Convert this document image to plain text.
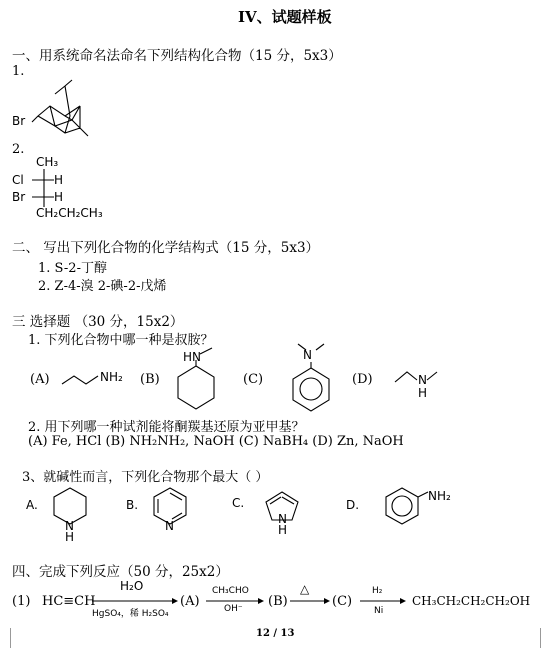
IV、试题样板
一、用系统命名法命名下列结构化合物（15 分，5x3）
1.
Br
2.
CH₃
Cl	H
Br H
CH₂CH₂CH₃
二、 写出下列化合物的化学结构式（15 分，5x3）
1. S-2-丁醇
2. Z-4-溴 2-碘-2-戊烯
三 选择题 （30 分，15x2）
1. 下列化合物中哪一种是叔胺？
(A)	NH₂ (B)
HN
(C)
N
(D)	N
H
2. 用下列哪一种试剂能将酮羰基还原为亚甲基？
(A) Fe, HCl (B) NH₂NH₂, NaOH (C) NaBH₄ (D) Zn, NaOH
3、就碱性而言，下列化合物那个最大（ ）
A.
N
H
B.
N
C.
N
H
D.
NH₂
四、完成下列反应（50 分，25x2）
(1) HC≡CH
H₂O
HgSO₄，稀 H₂SO₄
(A)
CH₃CHO
OH⁻ (B)
△
(C)
H₂
Ni
CH₃CH₂CH₂CH₂OH
12 / 13
